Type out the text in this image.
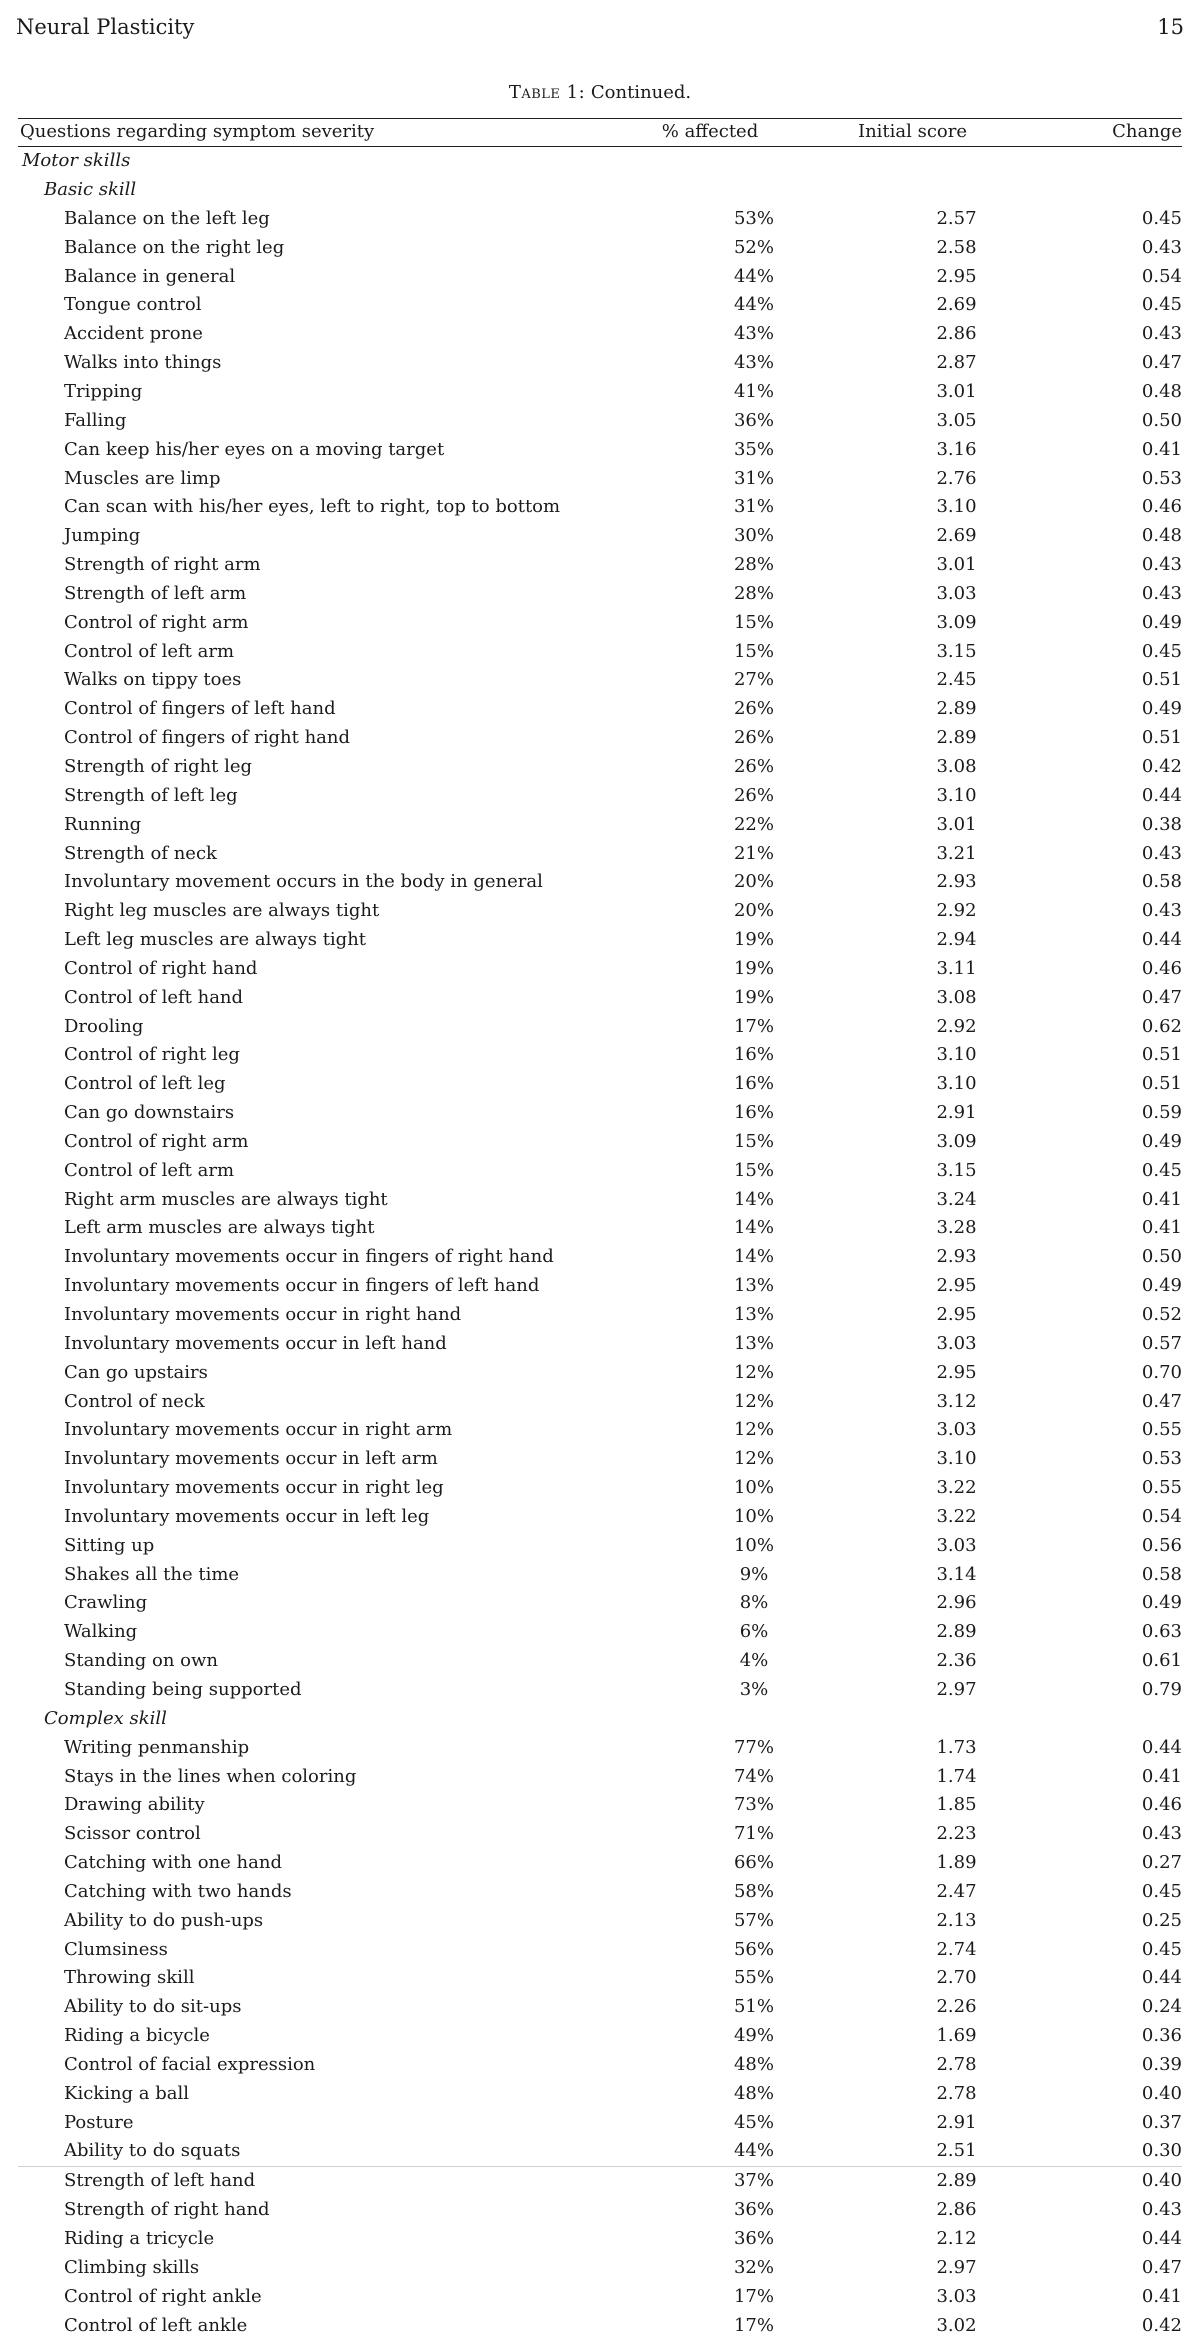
Neural Plasticity	15
Table 1: Continued.
Questions regarding symptom severity	% affected	Initial score	Change
Motor skills
Basic skill
Balance on the left leg	53%	2.57	0.45
Balance on the right leg	52%	2.58	0.43
Balance in general	44%	2.95	0.54
Tongue control	44%	2.69	0.45
Accident prone	43%	2.86	0.43
Walks into things	43%	2.87	0.47
Tripping	41%	3.01	0.48
Falling	36%	3.05	0.50
Can keep his/her eyes on a moving target	35%	3.16	0.41
Muscles are limp	31%	2.76	0.53
Can scan with his/her eyes, left to right, top to bottom	31%	3.10	0.46
Jumping	30%	2.69	0.48
Strength of right arm	28%	3.01	0.43
Strength of left arm	28%	3.03	0.43
Control of right arm	15%	3.09	0.49
Control of left arm	15%	3.15	0.45
Walks on tippy toes	27%	2.45	0.51
Control of fingers of left hand	26%	2.89	0.49
Control of fingers of right hand	26%	2.89	0.51
Strength of right leg	26%	3.08	0.42
Strength of left leg	26%	3.10	0.44
Running	22%	3.01	0.38
Strength of neck	21%	3.21	0.43
Involuntary movement occurs in the body in general	20%	2.93	0.58
Right leg muscles are always tight	20%	2.92	0.43
Left leg muscles are always tight	19%	2.94	0.44
Control of right hand	19%	3.11	0.46
Control of left hand	19%	3.08	0.47
Drooling	17%	2.92	0.62
Control of right leg	16%	3.10	0.51
Control of left leg	16%	3.10	0.51
Can go downstairs	16%	2.91	0.59
Control of right arm	15%	3.09	0.49
Control of left arm	15%	3.15	0.45
Right arm muscles are always tight	14%	3.24	0.41
Left arm muscles are always tight	14%	3.28	0.41
Involuntary movements occur in fingers of right hand	14%	2.93	0.50
Involuntary movements occur in fingers of left hand	13%	2.95	0.49
Involuntary movements occur in right hand	13%	2.95	0.52
Involuntary movements occur in left hand	13%	3.03	0.57
Can go upstairs	12%	2.95	0.70
Control of neck	12%	3.12	0.47
Involuntary movements occur in right arm	12%	3.03	0.55
Involuntary movements occur in left arm	12%	3.10	0.53
Involuntary movements occur in right leg	10%	3.22	0.55
Involuntary movements occur in left leg	10%	3.22	0.54
Sitting up	10%	3.03	0.56
Shakes all the time	9%	3.14	0.58
Crawling	8%	2.96	0.49
Walking	6%	2.89	0.63
Standing on own	4%	2.36	0.61
Standing being supported	3%	2.97	0.79
Complex skill
Writing penmanship	77%	1.73	0.44
Stays in the lines when coloring	74%	1.74	0.41
Drawing ability	73%	1.85	0.46
Scissor control	71%	2.23	0.43
Catching with one hand	66%	1.89	0.27
Catching with two hands	58%	2.47	0.45
Ability to do push-ups	57%	2.13	0.25
Clumsiness	56%	2.74	0.45
Throwing skill	55%	2.70	0.44
Ability to do sit-ups	51%	2.26	0.24
Riding a bicycle	49%	1.69	0.36
Control of facial expression	48%	2.78	0.39
Kicking a ball	48%	2.78	0.40
Posture	45%	2.91	0.37
Ability to do squats	44%	2.51	0.30
Strength of left hand	37%	2.89	0.40
Strength of right hand	36%	2.86	0.43
Riding a tricycle	36%	2.12	0.44
Climbing skills	32%	2.97	0.47
Control of right ankle	17%	3.03	0.41
Control of left ankle	17%	3.02	0.42
